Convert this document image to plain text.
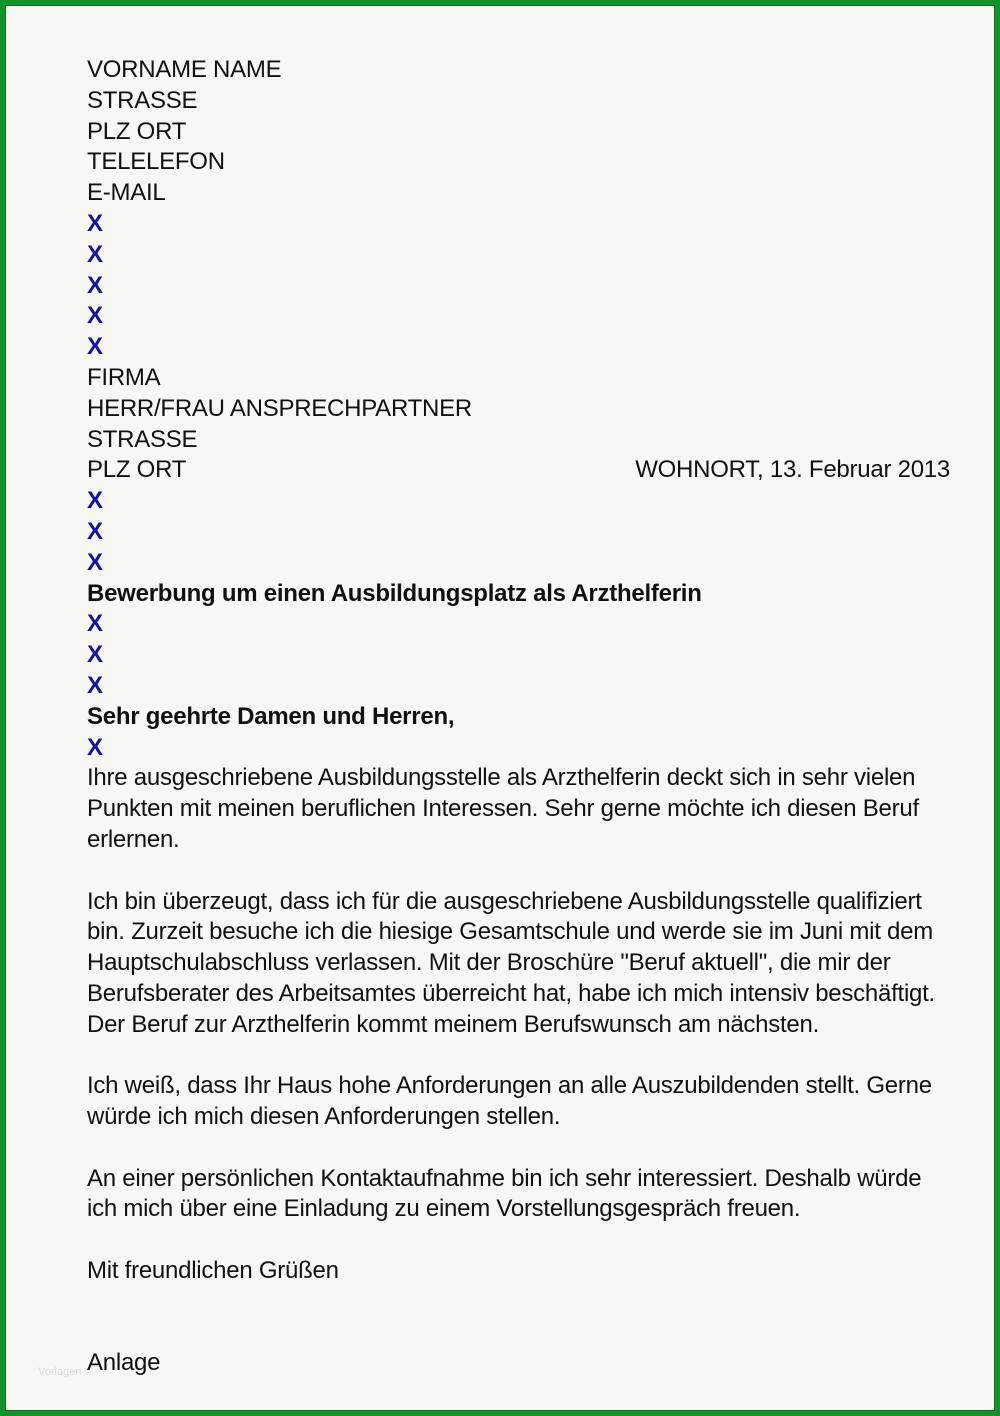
VORNAME NAME
STRASSE
PLZ ORT
TELELEFON
E-MAIL
X
X
X
X
X
FIRMA
HERR/FRAU ANSPRECHPARTNER
STRASSE
PLZ ORT	WOHNORT, 13. Februar 2013
X
X
X
Bewerbung um einen Ausbildungsplatz als Arzthelferin
X
X
X
Sehr geehrte Damen und Herren,
X

Ihre ausgeschriebene Ausbildungsstelle als Arzthelferin deckt sich in sehr vielen Punkten mit meinen beruflichen Interessen. Sehr gerne möchte ich diesen Beruf erlernen.

Ich bin überzeugt, dass ich für die ausgeschriebene Ausbildungsstelle qualifiziert bin. Zurzeit besuche ich die hiesige Gesamtschule und werde sie im Juni mit dem Hauptschulabschluss verlassen. Mit der Broschüre "Beruf aktuell", die mir der Berufsberater des Arbeitsamtes überreicht hat, habe ich mich intensiv beschäftigt. Der Beruf zur Arzthelferin kommt meinem Berufswunsch am nächsten.

Ich weiß, dass Ihr Haus hohe Anforderungen an alle Auszubildenden stellt. Gerne würde ich mich diesen Anforderungen stellen.

An einer persönlichen Kontaktaufnahme bin ich sehr interessiert. Deshalb würde ich mich über eine Einladung zu einem Vorstellungsgespräch freuen.

Mit freundlichen Grüßen
Anlage
Vorlagen
